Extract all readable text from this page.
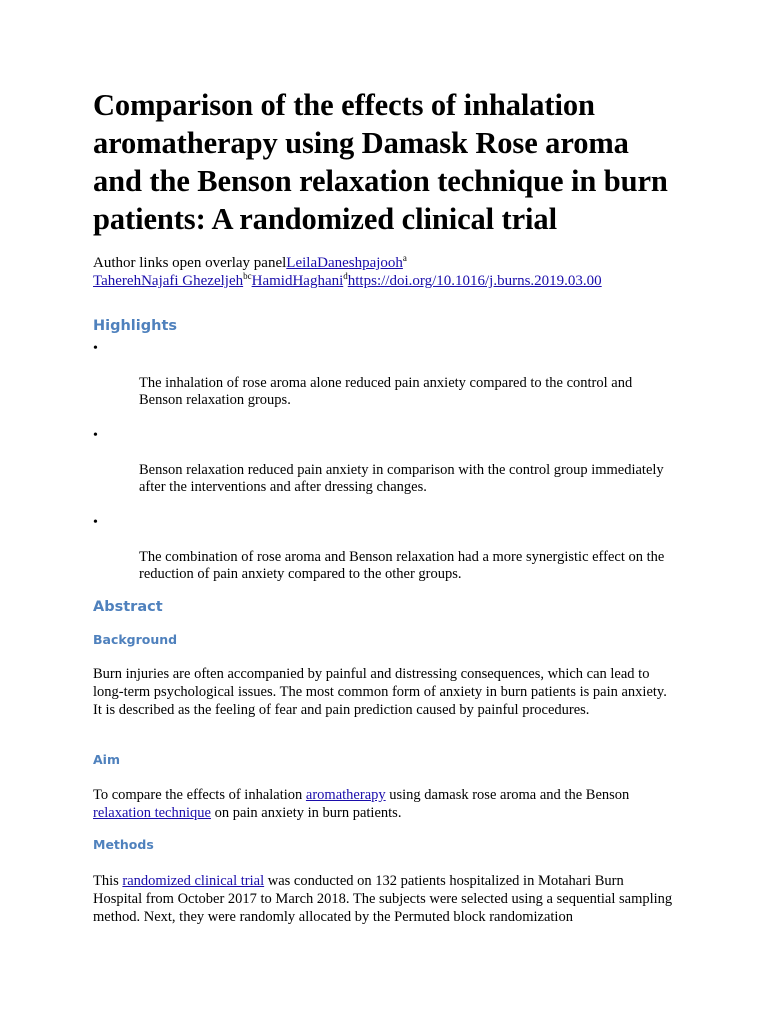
Comparison of the effects of inhalation aromatherapy using Damask Rose aroma and the Benson relaxation technique in burn patients: A randomized clinical trial
Author links open overlay panelLeilaDaneshpajooh$^a$
TaherehNajafi Ghezeljeh$^{bc}$HamidHaghani$^d$https://doi.org/10.1016/j.burns.2019.03.00
Highlights
•
The inhalation of rose aroma alone reduced pain anxiety compared to the control and Benson relaxation groups.
•
Benson relaxation reduced pain anxiety in comparison with the control group immediately after the interventions and after dressing changes.
•
The combination of rose aroma and Benson relaxation had a more synergistic effect on the reduction of pain anxiety compared to the other groups.
Abstract
Background
Burn injuries are often accompanied by painful and distressing consequences, which can lead to long-term psychological issues. The most common form of anxiety in burn patients is pain anxiety. It is described as the feeling of fear and pain prediction caused by painful procedures.
Aim
To compare the effects of inhalation aromatherapy using damask rose aroma and the Benson relaxation technique on pain anxiety in burn patients.
Methods
This randomized clinical trial was conducted on 132 patients hospitalized in Motahari Burn Hospital from October 2017 to March 2018. The subjects were selected using a sequential sampling method. Next, they were randomly allocated by the Permuted block randomization
